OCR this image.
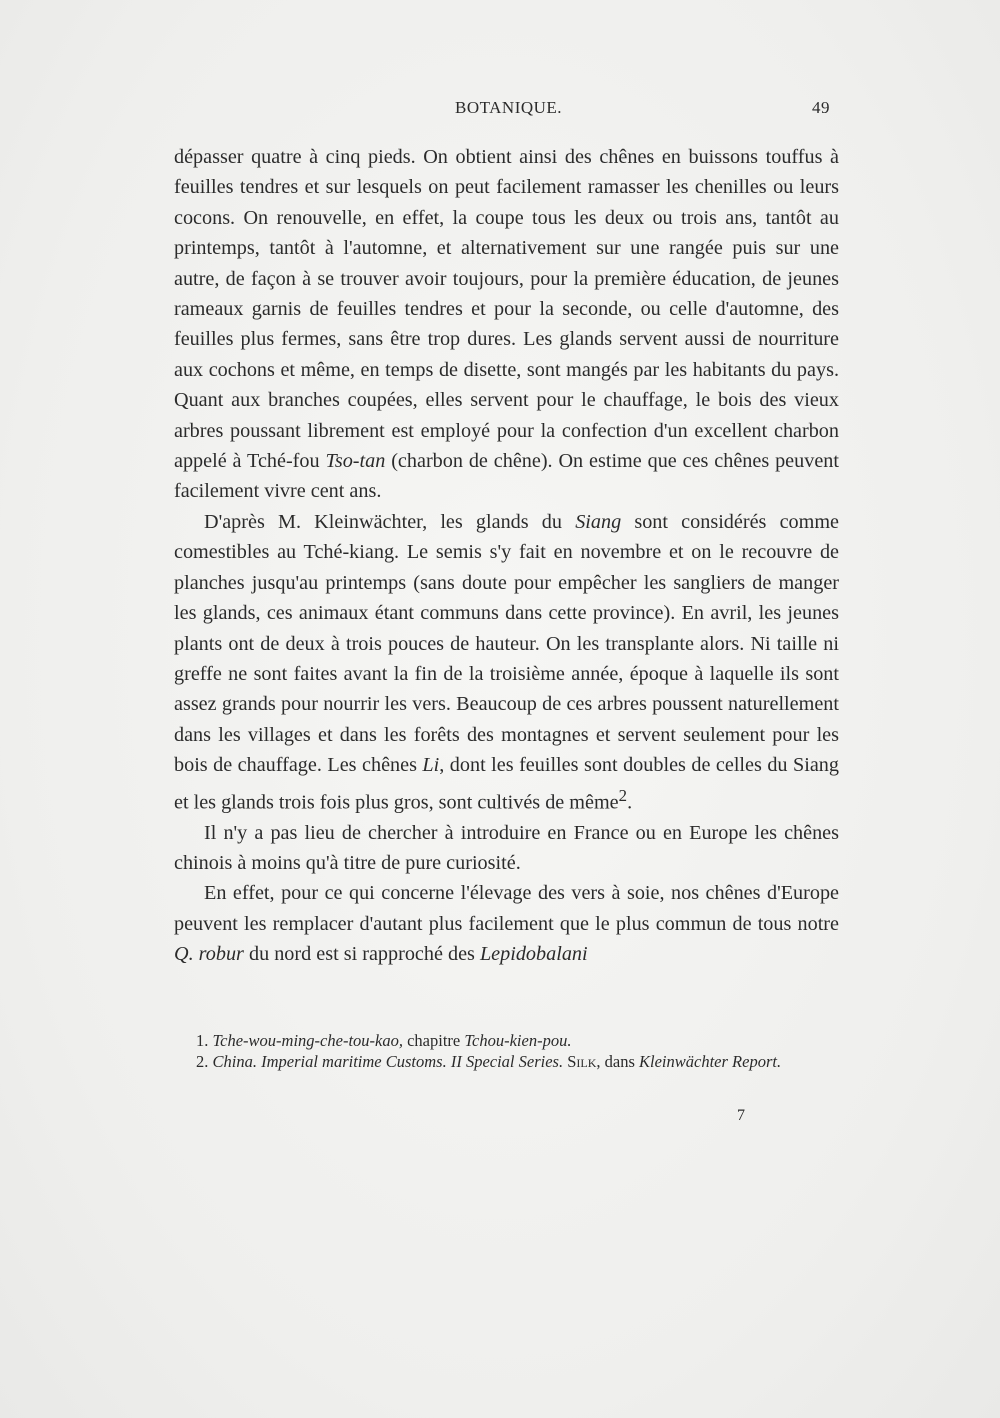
BOTANIQUE.	49

dépasser quatre à cinq pieds. On obtient ainsi des chênes en buissons touffus à feuilles tendres et sur lesquels on peut facilement ramasser les chenilles ou leurs cocons. On renouvelle, en effet, la coupe tous les deux ou trois ans, tantôt au printemps, tantôt à l'automne, et alternativement sur une rangée puis sur une autre, de façon à se trouver avoir toujours, pour la première éducation, de jeunes rameaux garnis de feuilles tendres et pour la seconde, ou celle d'automne, des feuilles plus fermes, sans être trop dures. Les glands servent aussi de nourriture aux cochons et même, en temps de disette, sont mangés par les habitants du pays. Quant aux branches coupées, elles servent pour le chauffage, le bois des vieux arbres poussant librement est employé pour la confection d'un excellent charbon appelé à Tché-fou Tso-tan (charbon de chêne). On estime que ces chênes peuvent facilement vivre cent ans.

D'après M. Kleinwächter, les glands du Siang sont considérés comme comestibles au Tché-kiang. Le semis s'y fait en novembre et on le recouvre de planches jusqu'au printemps (sans doute pour empêcher les sangliers de manger les glands, ces animaux étant communs dans cette province). En avril, les jeunes plants ont de deux à trois pouces de hauteur. On les transplante alors. Ni taille ni greffe ne sont faites avant la fin de la troisième année, époque à laquelle ils sont assez grands pour nourrir les vers. Beaucoup de ces arbres poussent naturellement dans les villages et dans les forêts des montagnes et servent seulement pour les bois de chauffage. Les chênes Li, dont les feuilles sont doubles de celles du Siang et les glands trois fois plus gros, sont cultivés de même$^2$.

Il n'y a pas lieu de chercher à introduire en France ou en Europe les chênes chinois à moins qu'à titre de pure curiosité.

En effet, pour ce qui concerne l'élevage des vers à soie, nos chênes d'Europe peuvent les remplacer d'autant plus facilement que le plus commun de tous notre Q. robur du nord est si rapproché des Lepidobalani

1. Tche-wou-ming-che-tou-kao, chapitre Tchou-kien-pou.

2. China. Imperial maritime Customs. II Special Series. Silk, dans Kleinwächter Report.

7
